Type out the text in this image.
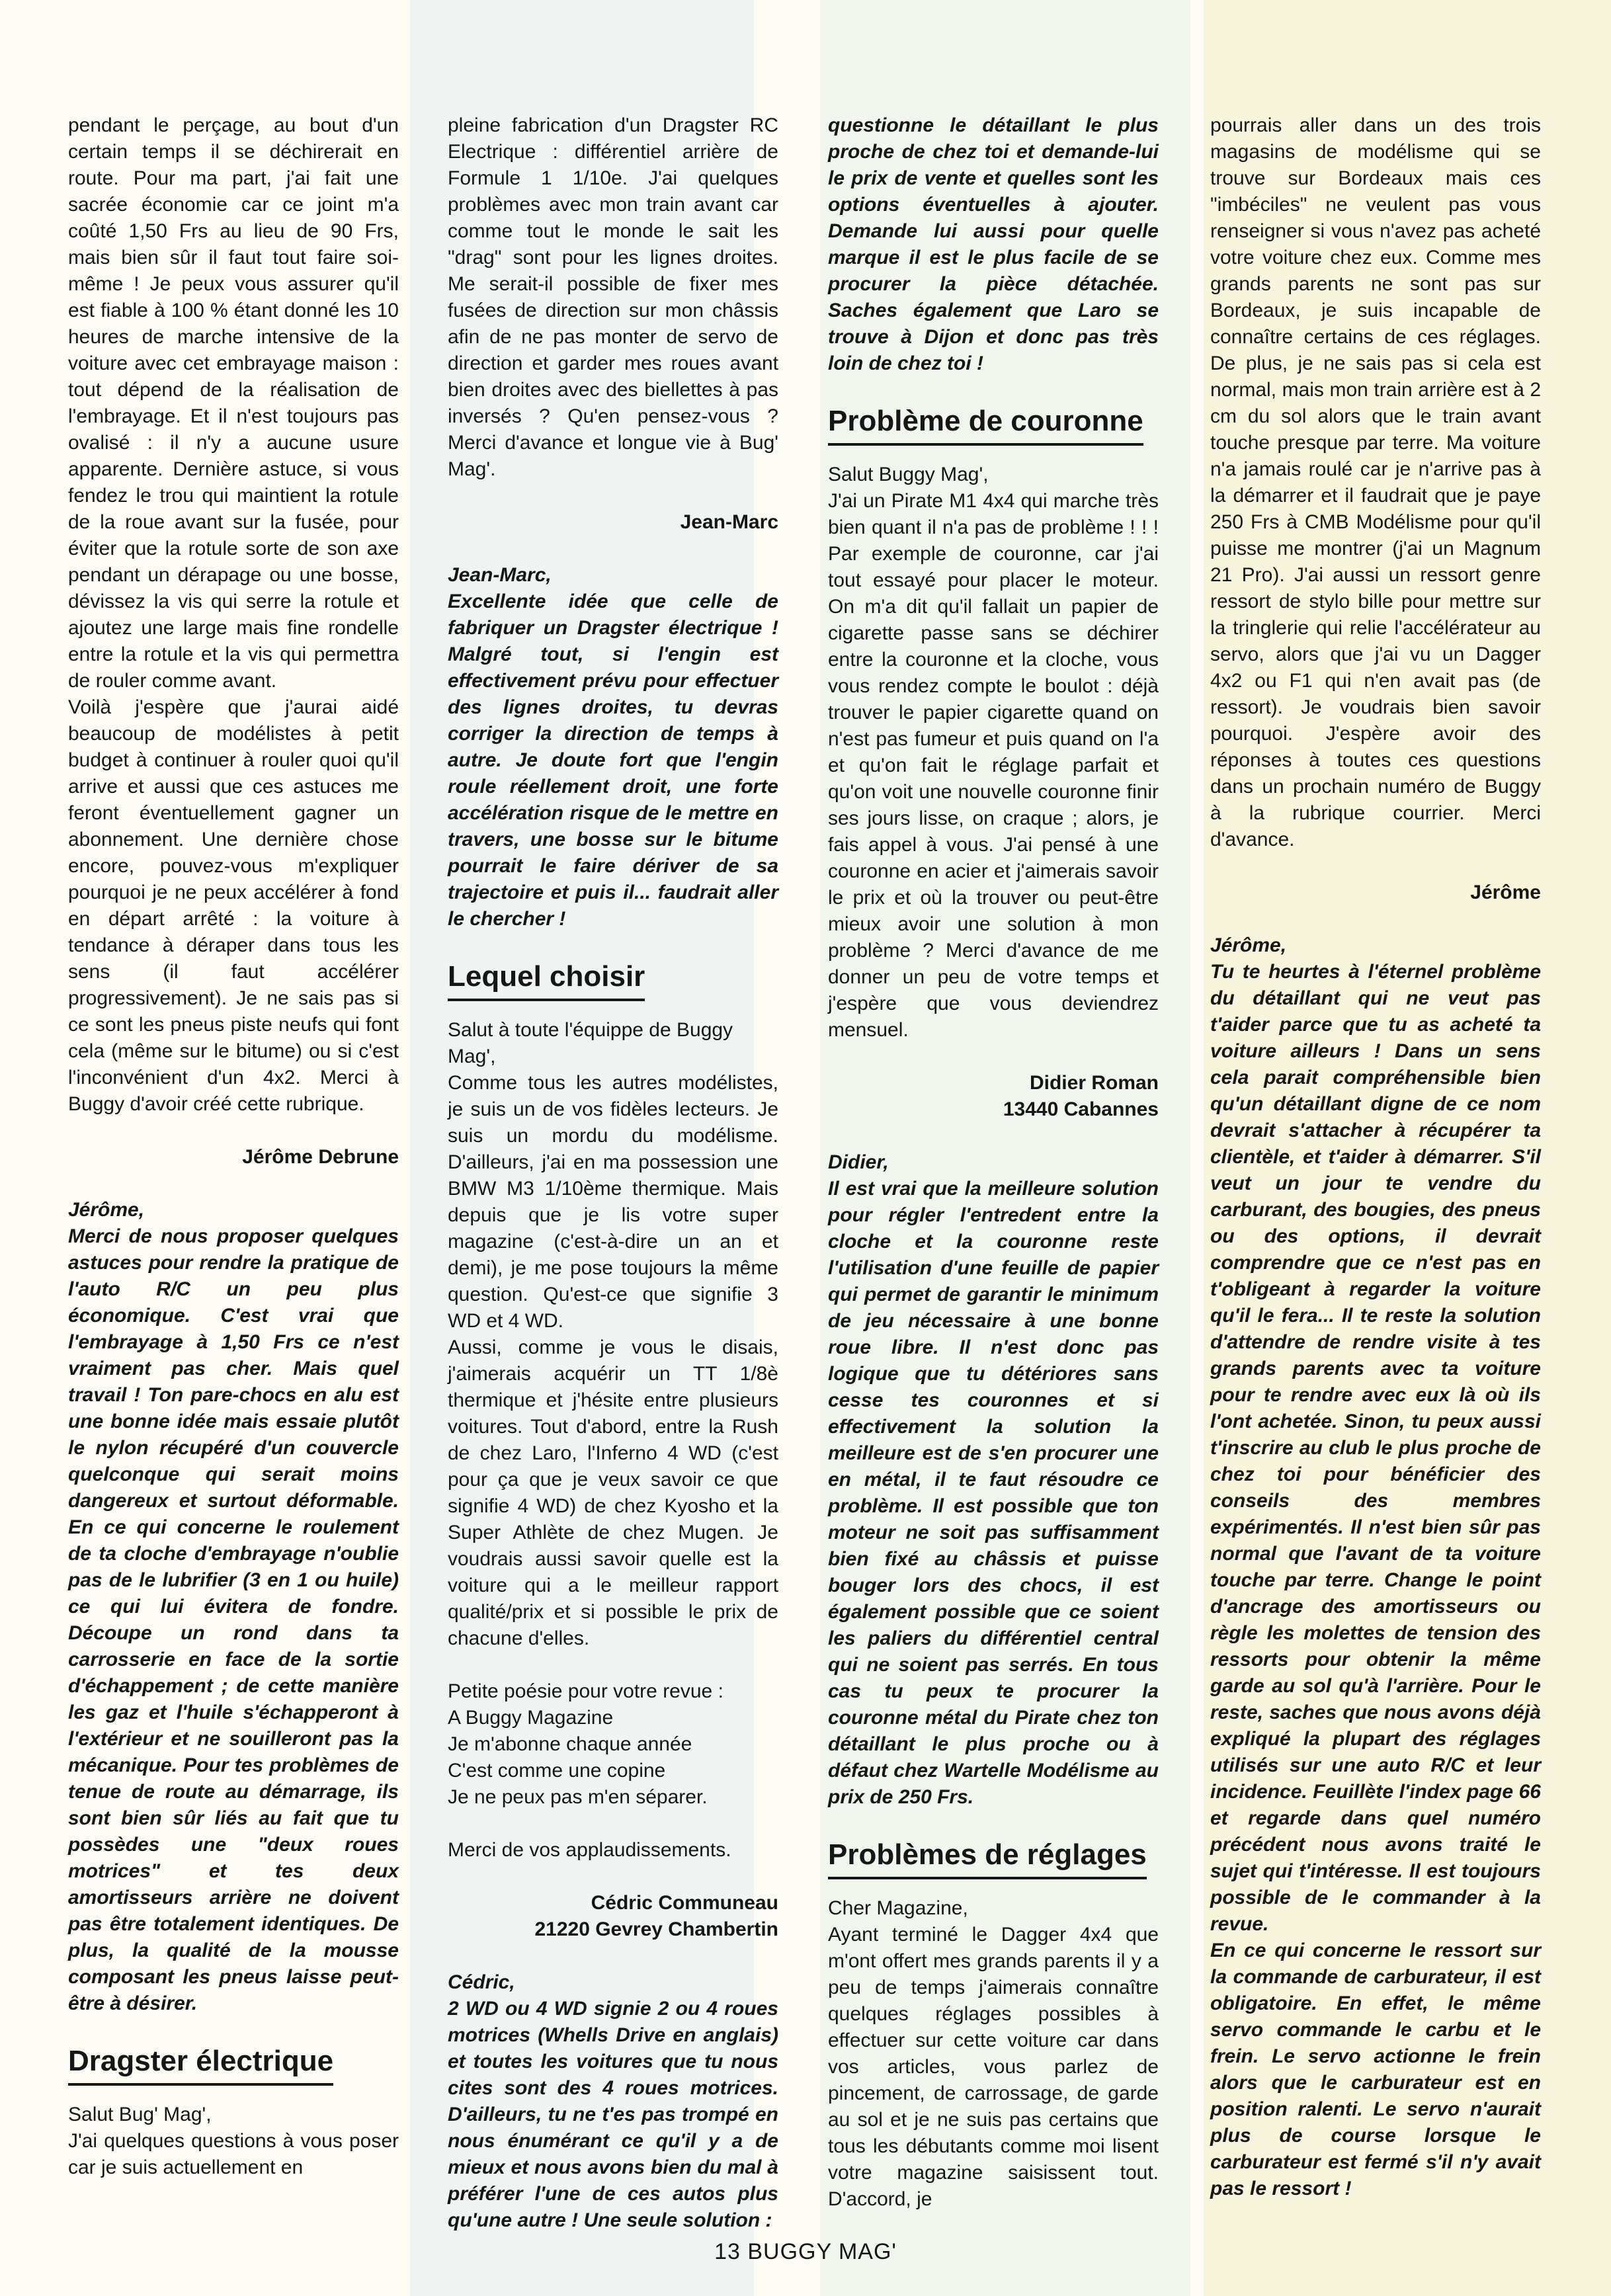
pendant le perçage, au bout d'un certain temps il se déchirerait en route. Pour ma part, j'ai fait une sacrée économie car ce joint m'a coûté 1,50 Frs au lieu de 90 Frs, mais bien sûr il faut tout faire soi-même ! Je peux vous assurer qu'il est fiable à 100 % étant donné les 10 heures de marche intensive de la voiture avec cet embrayage maison : tout dépend de la réalisation de l'embrayage. Et il n'est toujours pas ovalisé : il n'y a aucune usure apparente. Dernière astuce, si vous fendez le trou qui maintient la rotule de la roue avant sur la fusée, pour éviter que la rotule sorte de son axe pendant un dérapage ou une bosse, dévissez la vis qui serre la rotule et ajoutez une large mais fine rondelle entre la rotule et la vis qui permettra de rouler comme avant.

Voilà j'espère que j'aurai aidé beaucoup de modélistes à petit budget à continuer à rouler quoi qu'il arrive et aussi que ces astuces me feront éventuellement gagner un abonnement. Une dernière chose encore, pouvez-vous m'expliquer pourquoi je ne peux accélérer à fond en départ arrêté : la voiture à tendance à déraper dans tous les sens (il faut accélérer progressivement). Je ne sais pas si ce sont les pneus piste neufs qui font cela (même sur le bitume) ou si c'est l'inconvénient d'un 4x2. Merci à Buggy d'avoir créé cette rubrique.

Jérôme Debrune

Jérôme,

Merci de nous proposer quelques astuces pour rendre la pratique de l'auto R/C un peu plus économique. C'est vrai que l'embrayage à 1,50 Frs ce n'est vraiment pas cher. Mais quel travail ! Ton pare-chocs en alu est une bonne idée mais essaie plutôt le nylon récupéré d'un couvercle quelconque qui serait moins dangereux et surtout déformable. En ce qui concerne le roulement de ta cloche d'embrayage n'oublie pas de le lubrifier (3 en 1 ou huile) ce qui lui évitera de fondre. Découpe un rond dans ta carrosserie en face de la sortie d'échappement ; de cette manière les gaz et l'huile s'échapperont à l'extérieur et ne souilleront pas la mécanique. Pour tes problèmes de tenue de route au démarrage, ils sont bien sûr liés au fait que tu possèdes une "deux roues motrices" et tes deux amortisseurs arrière ne doivent pas être totalement identiques. De plus, la qualité de la mousse composant les pneus laisse peut-être à désirer.

Dragster électrique

Salut Bug' Mag',

J'ai quelques questions à vous poser car je suis actuellement en

pleine fabrication d'un Dragster RC Electrique : différentiel arrière de Formule 1 1/10e. J'ai quelques problèmes avec mon train avant car comme tout le monde le sait les "drag" sont pour les lignes droites. Me serait-il possible de fixer mes fusées de direction sur mon châssis afin de ne pas monter de servo de direction et garder mes roues avant bien droites avec des biellettes à pas inversés ? Qu'en pensez-vous ? Merci d'avance et longue vie à Bug' Mag'.

Jean-Marc

Jean-Marc,

Excellente idée que celle de fabriquer un Dragster électrique ! Malgré tout, si l'engin est effectivement prévu pour effectuer des lignes droites, tu devras corriger la direction de temps à autre. Je doute fort que l'engin roule réellement droit, une forte accélération risque de le mettre en travers, une bosse sur le bitume pourrait le faire dériver de sa trajectoire et puis il... faudrait aller le chercher !

Lequel choisir

Salut à toute l'équippe de Buggy Mag',

Comme tous les autres modélistes, je suis un de vos fidèles lecteurs. Je suis un mordu du modélisme. D'ailleurs, j'ai en ma possession une BMW M3 1/10ème thermique. Mais depuis que je lis votre super magazine (c'est-à-dire un an et demi), je me pose toujours la même question. Qu'est-ce que signifie 3 WD et 4 WD.

Aussi, comme je vous le disais, j'aimerais acquérir un TT 1/8è thermique et j'hésite entre plusieurs voitures. Tout d'abord, entre la Rush de chez Laro, l'Inferno 4 WD (c'est pour ça que je veux savoir ce que signifie 4 WD) de chez Kyosho et la Super Athlète de chez Mugen. Je voudrais aussi savoir quelle est la voiture qui a le meilleur rapport qualité/prix et si possible le prix de chacune d'elles.

Petite poésie pour votre revue :

A Buggy Magazine

Je m'abonne chaque année

C'est comme une copine

Je ne peux pas m'en séparer.

Merci de vos applaudissements.

Cédric Communeau

21220 Gevrey Chambertin

Cédric,

2 WD ou 4 WD signie 2 ou 4 roues motrices (Whells Drive en anglais) et toutes les voitures que tu nous cites sont des 4 roues motrices. D'ailleurs, tu ne t'es pas trompé en nous énumérant ce qu'il y a de mieux et nous avons bien du mal à préférer l'une de ces autos plus qu'une autre ! Une seule solution :

questionne le détaillant le plus proche de chez toi et demande-lui le prix de vente et quelles sont les options éventuelles à ajouter. Demande lui aussi pour quelle marque il est le plus facile de se procurer la pièce détachée. Saches également que Laro se trouve à Dijon et donc pas très loin de chez toi !

Problème de couronne

Salut Buggy Mag',

J'ai un Pirate M1 4x4 qui marche très bien quant il n'a pas de problème ! ! ! Par exemple de couronne, car j'ai tout essayé pour placer le moteur. On m'a dit qu'il fallait un papier de cigarette passe sans se déchirer entre la couronne et la cloche, vous vous rendez compte le boulot : déjà trouver le papier cigarette quand on n'est pas fumeur et puis quand on l'a et qu'on fait le réglage parfait et qu'on voit une nouvelle couronne finir ses jours lisse, on craque ; alors, je fais appel à vous. J'ai pensé à une couronne en acier et j'aimerais savoir le prix et où la trouver ou peut-être mieux avoir une solution à mon problème ? Merci d'avance de me donner un peu de votre temps et j'espère que vous deviendrez mensuel.

Didier Roman

13440 Cabannes

Didier,

Il est vrai que la meilleure solution pour régler l'entredent entre la cloche et la couronne reste l'utilisation d'une feuille de papier qui permet de garantir le minimum de jeu nécessaire à une bonne roue libre. Il n'est donc pas logique que tu détériores sans cesse tes couronnes et si effectivement la solution la meilleure est de s'en procurer une en métal, il te faut résoudre ce problème. Il est possible que ton moteur ne soit pas suffisamment bien fixé au châssis et puisse bouger lors des chocs, il est également possible que ce soient les paliers du différentiel central qui ne soient pas serrés. En tous cas tu peux te procurer la couronne métal du Pirate chez ton détaillant le plus proche ou à défaut chez Wartelle Modélisme au prix de 250 Frs.

Problèmes de réglages

Cher Magazine,

Ayant terminé le Dagger 4x4 que m'ont offert mes grands parents il y a peu de temps j'aimerais connaître quelques réglages possibles à effectuer sur cette voiture car dans vos articles, vous parlez de pincement, de carrossage, de garde au sol et je ne suis pas certains que tous les débutants comme moi lisent votre magazine saisissent tout. D'accord, je

pourrais aller dans un des trois magasins de modélisme qui se trouve sur Bordeaux mais ces "imbéciles" ne veulent pas vous renseigner si vous n'avez pas acheté votre voiture chez eux. Comme mes grands parents ne sont pas sur Bordeaux, je suis incapable de connaître certains de ces réglages. De plus, je ne sais pas si cela est normal, mais mon train arrière est à 2 cm du sol alors que le train avant touche presque par terre. Ma voiture n'a jamais roulé car je n'arrive pas à la démarrer et il faudrait que je paye 250 Frs à CMB Modélisme pour qu'il puisse me montrer (j'ai un Magnum 21 Pro). J'ai aussi un ressort genre ressort de stylo bille pour mettre sur la tringlerie qui relie l'accélérateur au servo, alors que j'ai vu un Dagger 4x2 ou F1 qui n'en avait pas (de ressort). Je voudrais bien savoir pourquoi. J'espère avoir des réponses à toutes ces questions dans un prochain numéro de Buggy à la rubrique courrier. Merci d'avance.

Jérôme

Jérôme,

Tu te heurtes à l'éternel problème du détaillant qui ne veut pas t'aider parce que tu as acheté ta voiture ailleurs ! Dans un sens cela parait compréhensible bien qu'un détaillant digne de ce nom devrait s'attacher à récupérer ta clientèle, et t'aider à démarrer. S'il veut un jour te vendre du carburant, des bougies, des pneus ou des options, il devrait comprendre que ce n'est pas en t'obligeant à regarder la voiture qu'il le fera... Il te reste la solution d'attendre de rendre visite à tes grands parents avec ta voiture pour te rendre avec eux là où ils l'ont achetée. Sinon, tu peux aussi t'inscrire au club le plus proche de chez toi pour bénéficier des conseils des membres expérimentés. Il n'est bien sûr pas normal que l'avant de ta voiture touche par terre. Change le point d'ancrage des amortisseurs ou règle les molettes de tension des ressorts pour obtenir la même garde au sol qu'à l'arrière. Pour le reste, saches que nous avons déjà expliqué la plupart des réglages utilisés sur une auto R/C et leur incidence. Feuillète l'index page 66 et regarde dans quel numéro précédent nous avons traité le sujet qui t'intéresse. Il est toujours possible de le commander à la revue.

En ce qui concerne le ressort sur la commande de carburateur, il est obligatoire. En effet, le même servo commande le carbu et le frein. Le servo actionne le frein alors que le carburateur est en position ralenti. Le servo n'aurait plus de course lorsque le carburateur est fermé s'il n'y avait pas le ressort !

13 BUGGY MAG'
